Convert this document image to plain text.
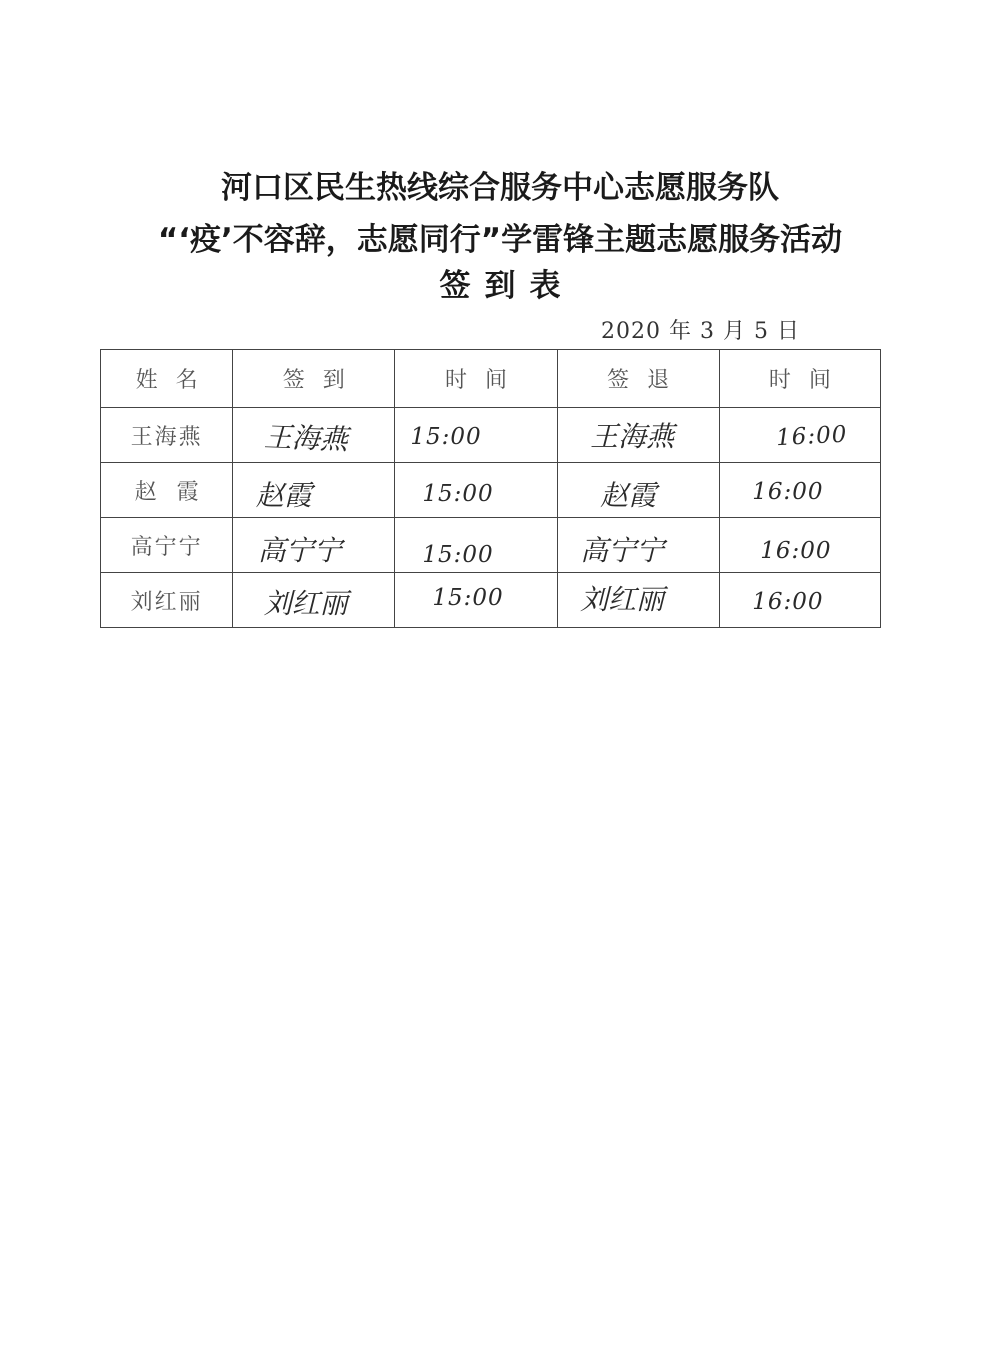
河口区民生热线综合服务中心志愿服务队
“‘疫’不容辞，志愿同行”学雷锋主题志愿服务活动
签到表
2020 年 3 月 5 日
姓名	签到	时间	签退	时间
王海燕	王海燕	15:00	王海燕	16:00
赵霞	赵霞	15:00	赵霞	16:00
高宁宁	高宁宁	15:00	高宁宁	16:00
刘红丽	刘红丽	15:00	刘红丽	16:00
